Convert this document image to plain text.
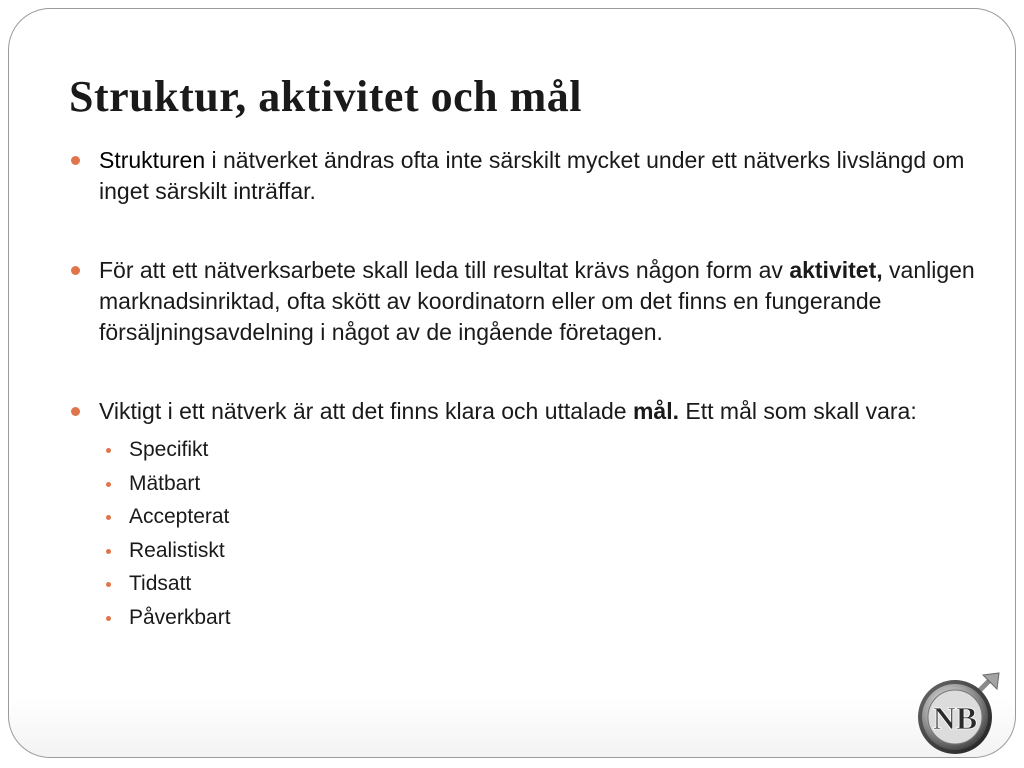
Struktur, aktivitet och mål

Strukturen i nätverket ändras ofta inte särskilt mycket under ett nätverks livslängd om inget särskilt inträffar.

För att ett nätverksarbete skall leda till resultat krävs någon form av aktivitet, vanligen marknadsinriktad, ofta skött av koordinatorn eller om det finns en fungerande försäljningsavdelning i något av de ingående företagen.

Viktigt i ett nätverk är att det finns klara och uttalade mål. Ett mål som skall vara:
Specifikt
Mätbart
Accepterat
Realistiskt
Tidsatt
Påverkbart
NB
